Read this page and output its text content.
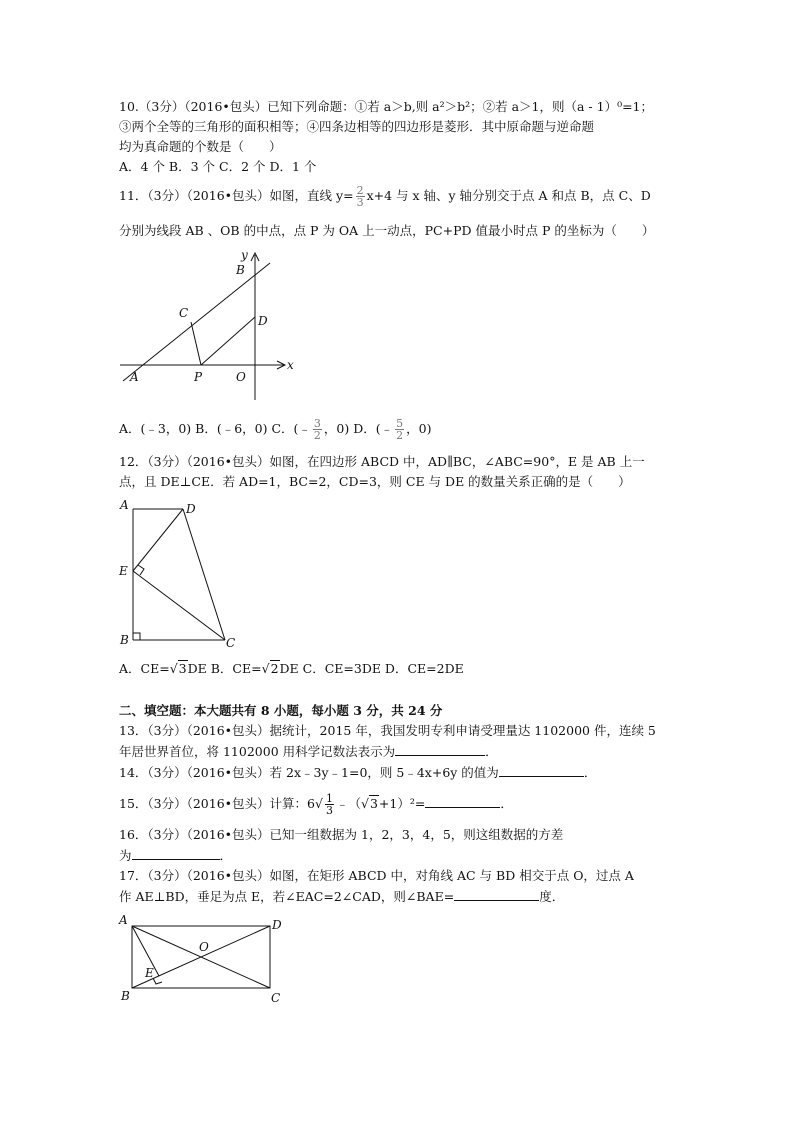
10.（3分）（2016•包头）已知下列命题：①若 a＞b,则 a²＞b²；②若 a＞1，则（a - 1）⁰=1；
③两个全等的三角形的面积相等；④四条边相等的四边形是菱形．其中原命题与逆命题
均为真命题的个数是（　　）
A．4 个 B．3 个 C．2 个 D．1 个
11．（3分）（2016•包头）如图，直线 $y= \frac{2}{3} x+4$ 与 x 轴、y 轴分别交于点 A 和点 B，点 C、D
分别为线段 AB 、OB 的中点，点 P 为 OA 上一动点，PC+PD 值最小时点 P 的坐标为（　　）
y
x
B
C
D
A	P	O
A．(﹣3，0) B．(﹣6，0) C．(﹣ $\frac{3}{2}$ ，0) D．(﹣ $\frac{5}{2}$ ，0)
12．（3分）（2016•包头）如图，在四边形 ABCD 中，AD∥BC，∠ABC=90°，E 是 AB 上一
点，且 DE⊥CE．若 AD=1，BC=2，CD=3，则 CE 与 DE 的数量关系正确的是（　　）
A	D
E
B	C
A．CE=√3DE B．CE=√2DE C．CE=3DE D．CE=2DE
二、填空题：本大题共有 8 小题，每小题 3 分，共 24 分
13．（3分）（2016•包头）据统计，2015 年，我国发明专利申请受理量达 1102000 件，连续 5
年居世界首位，将 1102000 用科学记数法表示为	．
14．（3分）（2016•包头）若 2x﹣3y﹣1=0，则 5﹣4x+6y 的值为	．
15．（3分）（2016•包头）计算：$6√ \frac{1}{3}$ ﹣（√3+1）²=	．
16．（3分）（2016•包头）已知一组数据为 1，2，3，4，5，则这组数据的方差
为	．
17．（3分）（2016•包头）如图，在矩形 ABCD 中，对角线 AC 与 BD 相交于点 O，过点 A
作 AE⊥BD，垂足为点 E，若∠EAC=2∠CAD，则∠BAE=	度．
A	D
O
E
B	C
